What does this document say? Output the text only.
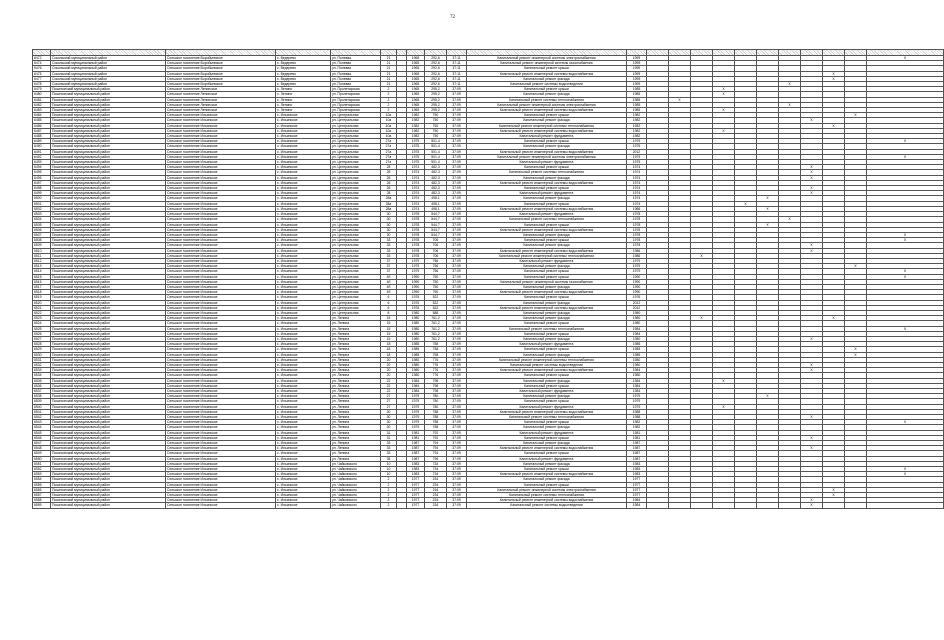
72

6472	Сокольский муниципальный район	Сельское поселение Воробьевское	с. Ведерево	ул. Полевая	21		1965	292,6	37:11	Капитальный ремонт инженерной системы электроснабжения	1999											X
6474	Сокольский муниципальный район	Сельское поселение Воробьевское	с. Ведерево	ул. Полевая	21		1965	292,6	37:11	Капитальный ремонт инженерной системы газоснабжения	1999											
6476	Сокольский муниципальный район	Сельское поселение Воробьевское	с. Ведерево	ул. Полевая	21		1965	292,6	37:11	Капитальный ремонт крыши	1999											
6475	Сокольский муниципальный район	Сельское поселение Воробьевское	с. Ведерево	ул. Полевая	21		1965	292,6	37:11	Капитальный ремонт инженерной системы водоснабжения	1999									X		
6477	Сокольский муниципальный район	Сельское поселение Воробьевское	с. Ведерево	ул. Полевая	21		1965	292,6	37:11	Капитальный ремонт фасада	1999									X		
6478	Сокольский муниципальный район	Сельское поселение Воробьевское	с. Ведерево	ул. Полевая	21		1965	292,6	37:11	Капитальный ремонт системы водоотведения	1999							X				
6479	Пошехонский муниципальный район	Сельское поселение Ленинское	с. Ленино	ул. Пролетарская	2		1965	295,2	37:09	Капитальный ремонт крыши	1985				X							
6480	Пошехонский муниципальный район	Сельское поселение Ленинское	с. Ленино	ул. Пролетарская	2		1965	295,2	37:09	Капитальный ремонт фасада	1985				X							
6481	Пошехонский муниципальный район	Сельское поселение Ленинское	с. Ленино	ул. Пролетарская	2		1965	295,2	37:09	Капитальный ремонт системы теплоснабжения	1985		X									
6482	Пошехонский муниципальный район	Сельское поселение Ленинское	с. Ленино	ул. Пролетарская	2		1965	295,2	37:09	Капитальный ремонт инженерной системы электроснабжения	1985							X				
6483	Пошехонский муниципальный район	Сельское поселение Ленинское	с. Ленино	ул. Пролетарская	2		1965	295,2	37:09	Капитальный ремонт инженерной системы водоснабжения	1985				X							
6484	Пошехонский муниципальный район	Сельское поселение Ильинское	с. Ильинское	ул. Центральная	10а		1982	750	37:09	Капитальный ремонт крыши	1982										X	
6485	Пошехонский муниципальный район	Сельское поселение Ильинское	с. Ильинское	ул. Центральная	10а		1982	750	37:09	Капитальный ремонт фасада	1982								X			
6486	Пошехонский муниципальный район	Сельское поселение Ильинское	с. Ильинское	ул. Центральная	10а		1982	750	37:09	Капитальный ремонт инженерной системы теплоснабжения	1982									X		
6487	Пошехонский муниципальный район	Сельское поселение Ильинское	с. Ильинское	ул. Центральная	10а		1982	750	37:09	Капитальный ремонт инженерной системы водоснабжения	1982				X							
6488	Пошехонский муниципальный район	Сельское поселение Ильинское	с. Ильинское	ул. Центральная	10а		1982	750	37:09	Капитальный ремонт фундамента	1982											
6489	Пошехонский муниципальный район	Сельское поселение Ильинское	с. Ильинское	ул. Центральная	27а		1975	501,4	37:09	Капитальный ремонт крыши	1975											X
6490	Пошехонский муниципальный район	Сельское поселение Ильинское	с. Ильинское	ул. Центральная	27а		1975	501,4	37:09	Капитальный ремонт фасада	1975											
6491	Пошехонский муниципальный район	Сельское поселение Ильинское	с. Ильинское	ул. Центральная	27а		1975	501,4	37:09	Капитальный ремонт инженерной системы водоснабжения	2012											
6492	Пошехонский муниципальный район	Сельское поселение Ильинское	с. Ильинское	ул. Центральная	27а		1975	501,4	37:09	Капитальный ремонт инженерной системы электроснабжения	1975											X
6493	Пошехонский муниципальный район	Сельское поселение Ильинское	с. Ильинское	ул. Центральная	27а		1975	501,4	37:09	Капитальный ремонт фундамента	1975											
6494	Пошехонский муниципальный район	Сельское поселение Ильинское	с. Ильинское	ул. Центральная	28		1974	482,3	37:09	Капитальный ремонт крыши	1974								X			
6495	Пошехонский муниципальный район	Сельское поселение Ильинское	с. Ильинское	ул. Центральная	28		1974	482,3	37:09	Капитальный ремонт системы теплоснабжения	1974								X			
6496	Пошехонский муниципальный район	Сельское поселение Ильинское	с. Ильинское	ул. Центральная	28		1974	482,3	37:09	Капитальный ремонт фасада	1974								X			
6497	Пошехонский муниципальный район	Сельское поселение Ильинское	с. Ильинское	ул. Центральная	28		1974	482,3	37:09	Капитальный ремонт инженерной системы водоснабжения	1974											
6498	Пошехонский муниципальный район	Сельское поселение Ильинское	с. Ильинское	ул. Центральная	28		1974	482,3	37:09	Капитальный ремонт крыши	1974								X			
6499	Пошехонский муниципальный район	Сельское поселение Ильинское	с. Ильинское	ул. Центральная	28		1974	482,3	37:09	Капитальный ремонт фундамента	1974								X			
6500	Пошехонский муниципальный район	Сельское поселение Ильинское	с. Ильинское	ул. Центральная	28а		1974	498,1	37:09	Капитальный ремонт фасада	1974						X					
6501	Пошехонский муниципальный район	Сельское поселение Ильинское	с. Ильинское	ул. Центральная	28а		1974	498,1	37:09	Капитальный ремонт крыши	1974					X						
6502	Пошехонский муниципальный район	Сельское поселение Ильинское	с. Ильинское	ул. Центральная	28а		1974	498,1	37:09	Капитальный ремонт инженерной системы водоснабжения	1986						X					
6503	Пошехонский муниципальный район	Сельское поселение Ильинское	с. Ильинское	ул. Центральная	30		1978	544,7	37:09	Капитальный ремонт фундамента	1978											
6504	Пошехонский муниципальный район	Сельское поселение Ильинское	с. Ильинское	ул. Центральная	30		1978	544,7	37:09	Капитальный ремонт системы теплоснабжения	1978							X				
6505	Пошехонский муниципальный район	Сельское поселение Ильинское	с. Ильинское	ул. Центральная	30		1978	544,7	37:09	Капитальный ремонт крыши	1978						X					
6506	Пошехонский муниципальный район	Сельское поселение Ильинское	с. Ильинское	ул. Центральная	30		1978	544,7	37:09	Капитальный ремонт инженерной системы водоснабжения	1978											
6507	Пошехонский муниципальный район	Сельское поселение Ильинское	с. Ильинское	ул. Центральная	30		1978	544,7	37:09	Капитальный ремонт фасада	1978											X
6508	Пошехонский муниципальный район	Сельское поселение Ильинское	с. Ильинское	ул. Центральная	33		1978	706	37:09	Капитальный ремонт крыши	1978											X
6509	Пошехонский муниципальный район	Сельское поселение Ильинское	с. Ильинское	ул. Центральная	33		1978	706	37:09	Капитальный ремонт фасада	1978								X			
6510	Пошехонский муниципальный район	Сельское поселение Ильинское	с. Ильинское	ул. Центральная	33		1978	706	37:09	Капитальный ремонт инженерной системы водоснабжения	1986								X			
6511	Пошехонский муниципальный район	Сельское поселение Ильинское	с. Ильинское	ул. Центральная	33		1978	706	37:09	Капитальный ремонт инженерной системы теплоснабжения	1986			X								
6512	Пошехонский муниципальный район	Сельское поселение Ильинское	с. Ильинское	ул. Центральная	37		1979	756	37:09	Капитальный ремонт фундамента	1979											
6513	Пошехонский муниципальный район	Сельское поселение Ильинское	с. Ильинское	ул. Центральная	37		1979	756	37:09	Капитальный ремонт фасада	1979										X	
6514	Пошехонский муниципальный район	Сельское поселение Ильинское	с. Ильинское	ул. Центральная	37		1979	756	37:09	Капитальный ремонт крыши	1979											X
6515	Пошехонский муниципальный район	Сельское поселение Ильинское	с. Ильинское	ул. Центральная	4б		1990	750	37:09	Капитальный ремонт крыши	1990											X
6516	Пошехонский муниципальный район	Сельское поселение Ильинское	с. Ильинское	ул. Центральная	4б		1990	750	37:09	Капитальный ремонт инженерной системы газоснабжения	1990											
6517	Пошехонский муниципальный район	Сельское поселение Ильинское	с. Ильинское	ул. Центральная	4б		1990	750	37:09	Капитальный ремонт фасада	1990											
6518	Пошехонский муниципальный район	Сельское поселение Ильинское	с. Ильинское	ул. Центральная	4б		1990	750	37:09	Капитальный ремонт инженерной системы водоснабжения	1990											
6519	Пошехонский муниципальный район	Сельское поселение Ильинское	с. Ильинское	ул. Центральная	6		1976	522	37:09	Капитальный ремонт крыши	1976											
6520	Пошехонский муниципальный район	Сельское поселение Ильинское	с. Ильинское	ул. Центральная	6		1976	522	37:09	Капитальный ремонт фасада	2012											
6521	Пошехонский муниципальный район	Сельское поселение Ильинское	с. Ильинское	ул. Центральная	6		1976	522	37:09	Капитальный ремонт инженерной системы водоснабжения	2012											
6522	Пошехонский муниципальный район	Сельское поселение Ильинское	с. Ильинское	ул. Центральная	8		1980	588	37:09	Капитальный ремонт фасада	1980											
6523	Пошехонский муниципальный район	Сельское поселение Ильинское	с. Ильинское	ул. Ленина	15		1980	761,2	37:09	Капитальный ремонт фасада	1980			X						X		
6524	Пошехонский муниципальный район	Сельское поселение Ильинское	с. Ильинское	ул. Ленина	15		1980	761,2	37:09	Капитальный ремонт крыши	1980											
6525	Пошехонский муниципальный район	Сельское поселение Ильинское	с. Ильинское	ул. Ленина	15		1980	761,2	37:09	Капитальный ремонт системы теплоснабжения	1984											X
6526	Пошехонский муниципальный район	Сельское поселение Ильинское	с. Ильинское	ул. Ленина	15		1980	761,2	37:09	Капитальный ремонт крыши	1984											
6527	Пошехонский муниципальный район	Сельское поселение Ильинское	с. Ильинское	ул. Ленина	15		1980	761,2	37:09	Капитальный ремонт фасада	1980								X			
6528	Пошехонский муниципальный район	Сельское поселение Ильинское	с. Ильинское	ул. Ленина	18		1985	758	37:09	Капитальный ремонт фундамента	1985											
6529	Пошехонский муниципальный район	Сельское поселение Ильинское	с. Ильинское	ул. Ленина	18		1985	758	37:09	Капитальный ремонт крыши	1985										X	
6530	Пошехонский муниципальный район	Сельское поселение Ильинское	с. Ильинское	ул. Ленина	18		1985	758	37:09	Капитальный ремонт фасада	1985										X	
6531	Пошехонский муниципальный район	Сельское поселение Ильинское	с. Ильинское	ул. Ленина	20		1980	776	37:09	Капитальный ремонт инженерной системы теплоснабжения	1980											
6532	Пошехонский муниципальный район	Сельское поселение Ильинское	с. Ильинское	ул. Ленина	20		1980	776	37:09	Капитальный ремонт системы водоотведения	1980								X			
6533	Пошехонский муниципальный район	Сельское поселение Ильинское	с. Ильинское	ул. Ленина	20		1980	776	37:09	Капитальный ремонт инженерной системы водоснабжения	1984								X			
6534	Пошехонский муниципальный район	Сельское поселение Ильинское	с. Ильинское	ул. Ленина	20		1980	776	37:09	Капитальный ремонт крыши	1980											
6535	Пошехонский муниципальный район	Сельское поселение Ильинское	с. Ильинское	ул. Ленина	22		1984	798	37:09	Капитальный ремонт фасада	1984				X							
6536	Пошехонский муниципальный район	Сельское поселение Ильинское	с. Ильинское	ул. Ленина	22		1984	798	37:09	Капитальный ремонт крыши	1984											
6537	Пошехонский муниципальный район	Сельское поселение Ильинское	с. Ильинское	ул. Ленина	22		1984	798	37:09	Капитальный ремонт фундамента	1984											
6538	Пошехонский муниципальный район	Сельское поселение Ильинское	с. Ильинское	ул. Ленина	27		1979	780	37:09	Капитальный ремонт фасада	1979						X					
6539	Пошехонский муниципальный район	Сельское поселение Ильинское	с. Ильинское	ул. Ленина	27		1979	780	37:09	Капитальный ремонт крыши	1979											
6540	Пошехонский муниципальный район	Сельское поселение Ильинское	с. Ильинское	ул. Ленина	27		1979	780	37:09	Капитальный ремонт фундамента	1979				X							
6541	Пошехонский муниципальный район	Сельское поселение Ильинское	с. Ильинское	ул. Ленина	30		1979	788	37:09	Капитальный ремонт инженерной системы водоснабжения	1988											
6542	Пошехонский муниципальный район	Сельское поселение Ильинское	с. Ильинское	ул. Ленина	30		1979	788	37:09	Капитальный ремонт системы теплоснабжения	1988								X			
6543	Пошехонский муниципальный район	Сельское поселение Ильинское	с. Ильинское	ул. Ленина	30		1979	788	37:09	Капитальный ремонт крыши	1982											X
6544	Пошехонский муниципальный район	Сельское поселение Ильинское	с. Ильинское	ул. Ленина	30		1979	788	37:09	Капитальный ремонт фасада	1982											
6545	Пошехонский муниципальный район	Сельское поселение Ильинское	с. Ильинское	ул. Ленина	31		1981	792	37:09	Капитальный ремонт фундамента	1981											
6546	Пошехонский муниципальный район	Сельское поселение Ильинское	с. Ильинское	ул. Ленина	31		1981	792	37:09	Капитальный ремонт крыши	1981								X			
6547	Пошехонский муниципальный район	Сельское поселение Ильинское	с. Ильинское	ул. Ленина	33		1987	794	37:09	Капитальный ремонт фасада	1987											
6548	Пошехонский муниципальный район	Сельское поселение Ильинское	с. Ильинское	ул. Ленина	33		1987	794	37:09	Капитальный ремонт инженерной системы водоснабжения	1987								X			
6549	Пошехонский муниципальный район	Сельское поселение Ильинское	с. Ильинское	ул. Ленина	33		1987	794	37:09	Капитальный ремонт крыши	1987											
6550	Пошехонский муниципальный район	Сельское поселение Ильинское	с. Ильинское	ул. Ленина	35		1987	796	37:09	Капитальный ремонт фундамента	1987											
6551	Пошехонский муниципальный район	Сельское поселение Ильинское	с. Ильинское	ул. Чайковского	10		1983	734	37:09	Капитальный ремонт фасада	1983											
6552	Пошехонский муниципальный район	Сельское поселение Ильинское	с. Ильинское	ул. Чайковского	10		1983	734	37:09	Капитальный ремонт крыши	1983											X
6553	Пошехонский муниципальный район	Сельское поселение Ильинское	с. Ильинское	ул. Чайковского	10		1983	734	37:09	Капитальный ремонт инженерной системы водоснабжения	1983											X
6554	Пошехонский муниципальный район	Сельское поселение Ильинское	с. Ильинское	ул. Чайковского	2		1977	234	37:09	Капитальный ремонт фасада	1977											
6555	Пошехонский муниципальный район	Сельское поселение Ильинское	с. Ильинское	ул. Чайковского	2		1977	234	37:09	Капитальный ремонт крыши	1977											
6556	Пошехонский муниципальный район	Сельское поселение Ильинское	с. Ильинское	ул. Чайковского	2		1977	234	37:09	Капитальный ремонт инженерной системы электроснабжения	1977									X		
6557	Пошехонский муниципальный район	Сельское поселение Ильинское	с. Ильинское	ул. Чайковского	2		1977	234	37:09	Капитальный ремонт системы теплоснабжения	1977									X		
6558	Пошехонский муниципальный район	Сельское поселение Ильинское	с. Ильинское	ул. Чайковского	2		1977	234	37:09	Капитальный ремонт инженерной системы водоснабжения	1984								X			
6559	Пошехонский муниципальный район	Сельское поселение Ильинское	с. Ильинское	ул. Чайковского	2		1977	234	37:09	Капитальный ремонт системы водоотведения	1984								X			
